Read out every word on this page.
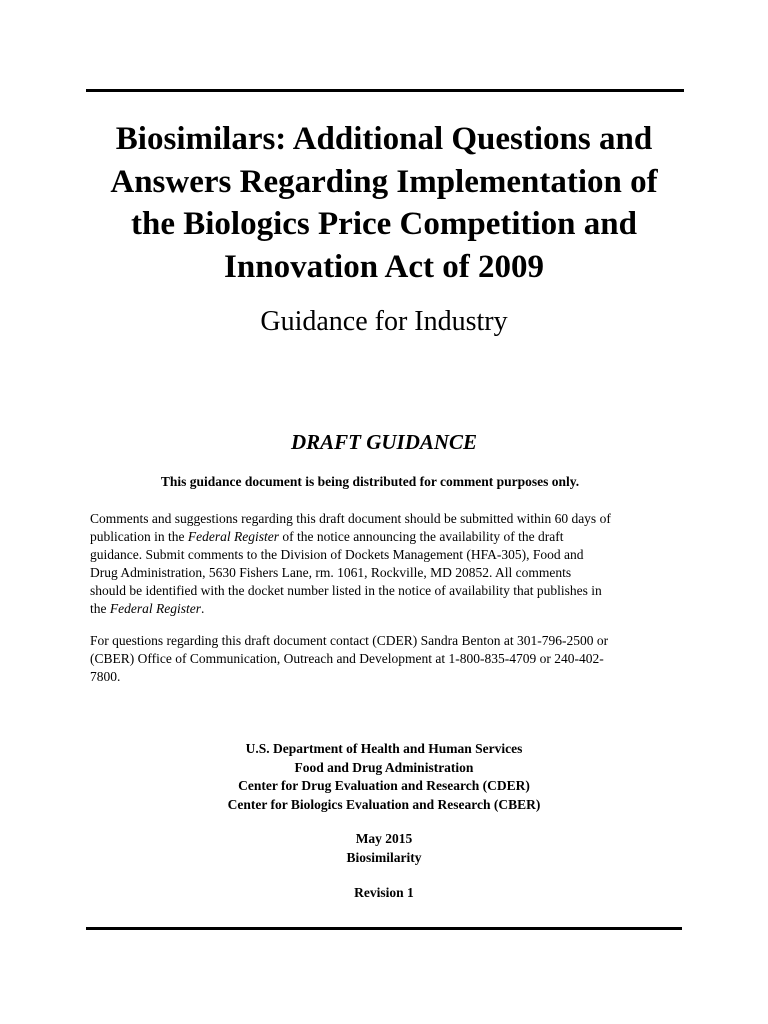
Biosimilars: Additional Questions and
Answers Regarding Implementation of
the Biologics Price Competition and
Innovation Act of 2009

Guidance for Industry

DRAFT GUIDANCE
This guidance document is being distributed for comment purposes only.
Comments and suggestions regarding this draft document should be submitted within 60 days of
publication in the Federal Register of the notice announcing the availability of the draft
guidance. Submit comments to the Division of Dockets Management (HFA-305), Food and
Drug Administration, 5630 Fishers Lane, rm. 1061, Rockville, MD 20852. All comments
should be identified with the docket number listed in the notice of availability that publishes in
the Federal Register.
For questions regarding this draft document contact (CDER) Sandra Benton at 301-796-2500 or
(CBER) Office of Communication, Outreach and Development at 1-800-835-4709 or 240-402-
7800.
U.S. Department of Health and Human Services
Food and Drug Administration
Center for Drug Evaluation and Research (CDER)
Center for Biologics Evaluation and Research (CBER)
May 2015
Biosimilarity
Revision 1
